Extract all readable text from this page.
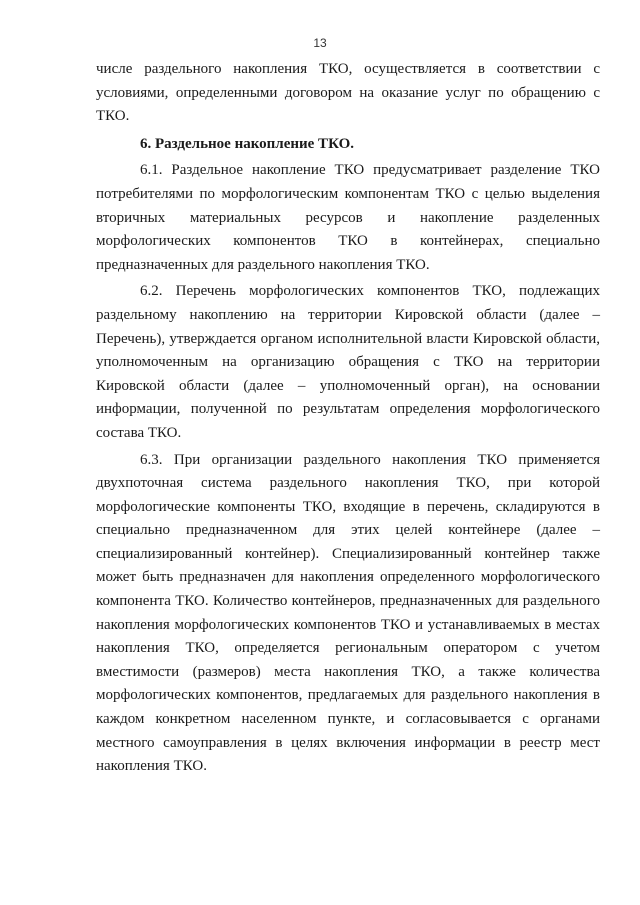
13

числе раздельного накопления ТКО, осуществляется в соответствии с условиями, определенными договором на оказание услуг по обращению с ТКО.

6. Раздельное накопление ТКО.

6.1. Раздельное накопление ТКО предусматривает разделение ТКО потребителями по морфологическим компонентам ТКО с целью выделения вторичных материальных ресурсов и накопление разделенных морфологических компонентов ТКО в контейнерах, специально предназначенных для раздельного накопления ТКО.

6.2. Перечень морфологических компонентов ТКО, подлежащих раздельному накоплению на территории Кировской области (далее – Перечень), утверждается органом исполнительной власти Кировской области, уполномоченным на организацию обращения с ТКО на территории Кировской области (далее – уполномоченный орган), на основании информации, полученной по результатам определения морфологического состава ТКО.

6.3. При организации раздельного накопления ТКО применяется двухпоточная система раздельного накопления ТКО, при которой морфологические компоненты ТКО, входящие в перечень, складируются в специально предназначенном для этих целей контейнере (далее – специализированный контейнер). Специализированный контейнер также может быть предназначен для накопления определенного морфологического компонента ТКО. Количество контейнеров, предназначенных для раздельного накопления морфологических компонентов ТКО и устанавливаемых в местах накопления ТКО, определяется региональным оператором с учетом вместимости (размеров) места накопления ТКО, а также количества морфологических компонентов, предлагаемых для раздельного накопления в каждом конкретном населенном пункте, и согласовывается с органами местного самоуправления в целях включения информации в реестр мест накопления ТКО.
